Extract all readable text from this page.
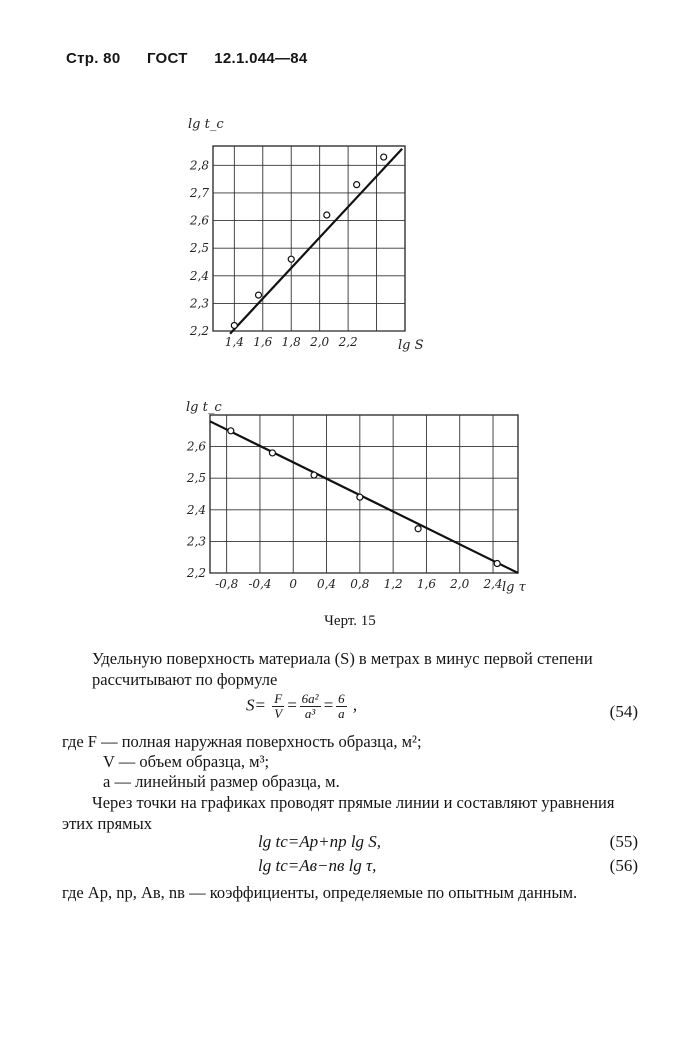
Стр. 80 ГОСТ 12.1.044—84
1,4 1,6 1,8 2,0 2,2
2,2
2,3
2,4
2,5
2,6
2,7
2,8
lg t_c
lg S
-0,8 -0,4 0 0,4 0,8 1,2 1,6 2,0 2,4
2,2
2,3
2,4
2,5
2,6
lg t_c
lg τ
Черт. 15
Удельную поверхность материала (S) в метрах в минус первой степени рассчитывают по формуле
$S= \frac{F}{V} = \frac{\text{6a²}}{\text{a³}} = \frac{6}{a}$ ,	(54)
где F — полная наружная поверхность образца, м²;
V — объем образца, м³;
a — линейный размер образца, м.
Через точки на графиках проводят прямые линии и составляют уравнения этих прямых
lg tс=Aр+nр lg S,	(55)
lg tс=Aв−nв lg τ,	(56)
где Aр, nр, Aв, nв — коэффициенты, определяемые по опытным данным.
